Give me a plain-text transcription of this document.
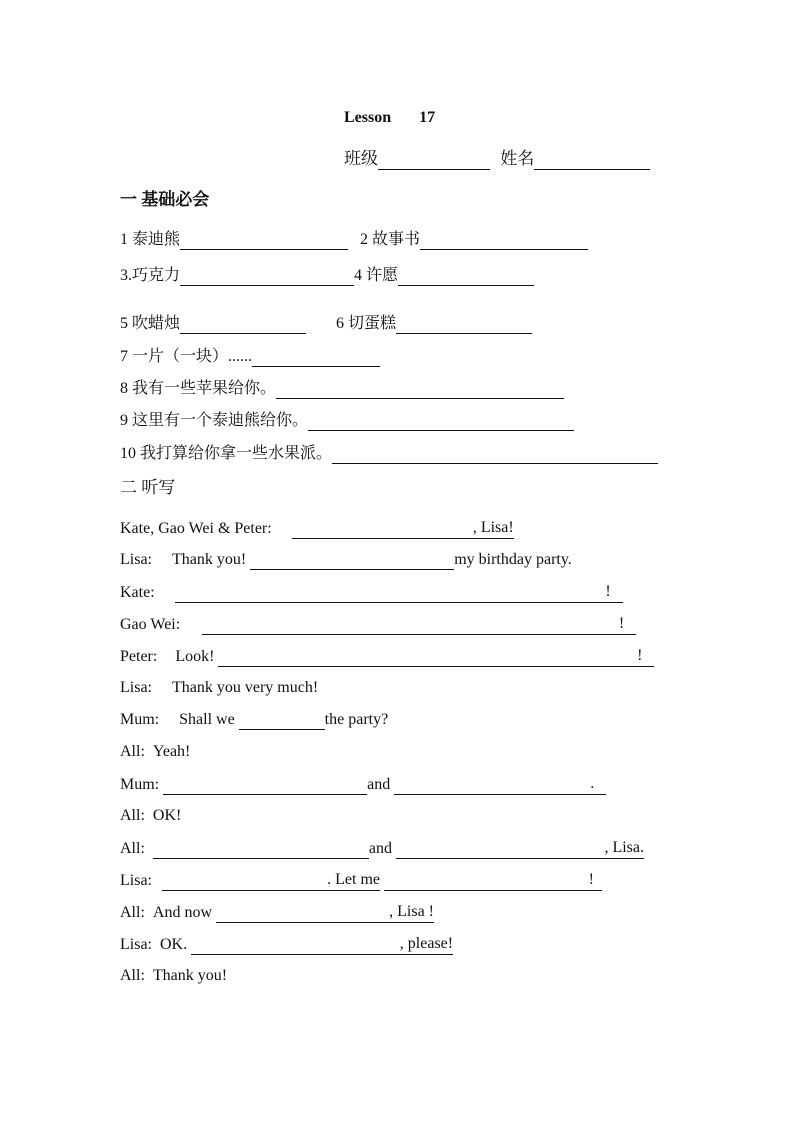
Lesson 17
班级	姓名
一 基础必会
1 泰迪熊	2 故事书
3.巧克力	4 许愿
5 吹蜡烛	6 切蛋糕
7 一片（一块）......
8 我有一些苹果给你。
9 这里有一个泰迪熊给你。
10 我打算给你拿一些水果派。
二 听写
Kate, Gao Wei & Peter:	, Lisa!
Lisa: Thank you!	my birthday party.
Kate:	!
Gao Wei:	!
Peter: Look!	!
Lisa: Thank you very much!
Mum: Shall we	the party?
All: Yeah!
Mum:	and	.
All: OK!
All:	and	, Lisa.
Lisa:	. Let me	!
All: And now	, Lisa !
Lisa: OK.	, please!
All: Thank you!
